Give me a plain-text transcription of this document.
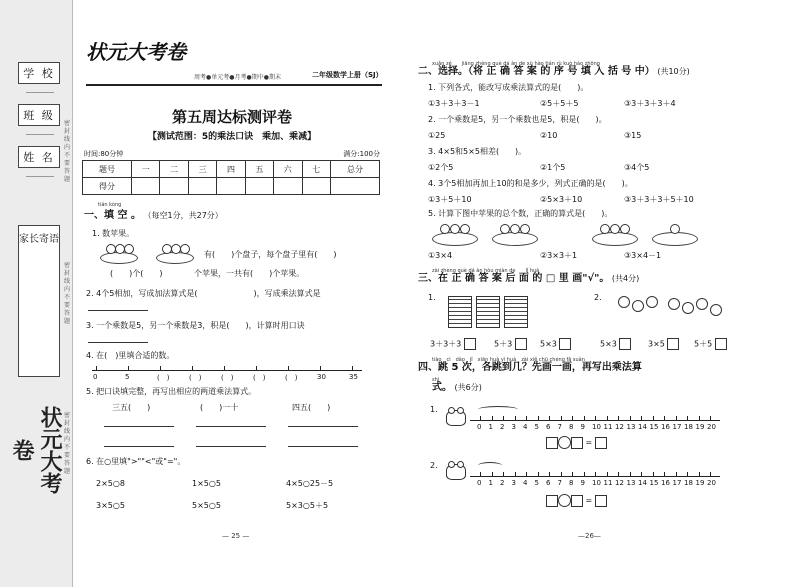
学 校
班 级
姓 名
家长寄语
密封线内不要答题
密封线内不要答题
密封线内不要答题
状元大考卷
状元大考卷
周考●单元考●月考●期中●期末	二年级数学上册（SJ）
第五周达标测评卷
【测试范围：5的乘法口诀　乘加、乘减】
时间:80分钟	满分:100分
题号	一	二	三	四	五	六	七	总分
得分								
tián kòng
一、填 空 。 （每空1分，共27分）
1. 数苹果。
有(　　)个盘子，每个盘子里有(　　)
(　　)个(　　)	个苹果，一共有(　　)个苹果。
2. 4个5相加，写成加法算式是(　　　　　　　)，写成乘法算式是
3. 一个乘数是5，另一个乘数是3，积是(　　)，计算时用口诀
4. 在(　)里填合适的数。
0	5	(　)	(　)	(　)	(　)	(　)	30	35
5. 把口诀填完整，再写出相应的两道乘法算式。
三五(　　)	(　　)一十	四五(　　)
6. 在○里填">""<"或"="。
2×5○8	1×5○5	4×5○25－5
3×5○5	5×5○5	5×3○5＋5
— 25 —
xuǎn zé　　jiāng zhèng què dá àn de xù hào tián rù kuò hào zhōng
二、选择。（将 正 确 答 案 的 序 号 填 入 括 号 中） (共10分)
1. 下列各式，能改写成乘法算式的是(　　)。
①3＋3＋3－1	②5＋5＋5	③3＋3＋3＋4
2. 一个乘数是5，另一个乘数也是5，积是(　　)。
①25	②10	③15
3. 4×5和5×5相差(　　)。
①2个5	②1个5	③4个5
4. 3个5相加再加上10的和是多少，列式正确的是(　　)。
①3＋5＋10	②5×3＋10	③3＋3＋3＋5＋10
5. 计算下图中苹果的总个数，正确的算式是(　　)。
①3×4	②3×3＋1	③3×4－1
zài zhèng què dá àn hòu miàn de　　lǐ huà
三、在 正 确 答 案 后 面 的 □ 里 画"√"。 (共4分)
1.	2.
3＋3＋3	5＋3	5×3	5×3	3×5	5＋5
tiào　cì　dào　jǐ　xiān huà yì huà　zài xiě chū chéng fǎ suàn
四、跳 5 次，各跳到几？先画一画，再写出乘法算
shì
式。 (共6分)
1.
0 1 2 3 4 5 6 7 8 9 10 11 12 13 14 15 16 17 18 19 20
=
2.
0 1 2 3 4 5 6 7 8 9 10 11 12 13 14 15 16 17 18 19 20
=
—26—
